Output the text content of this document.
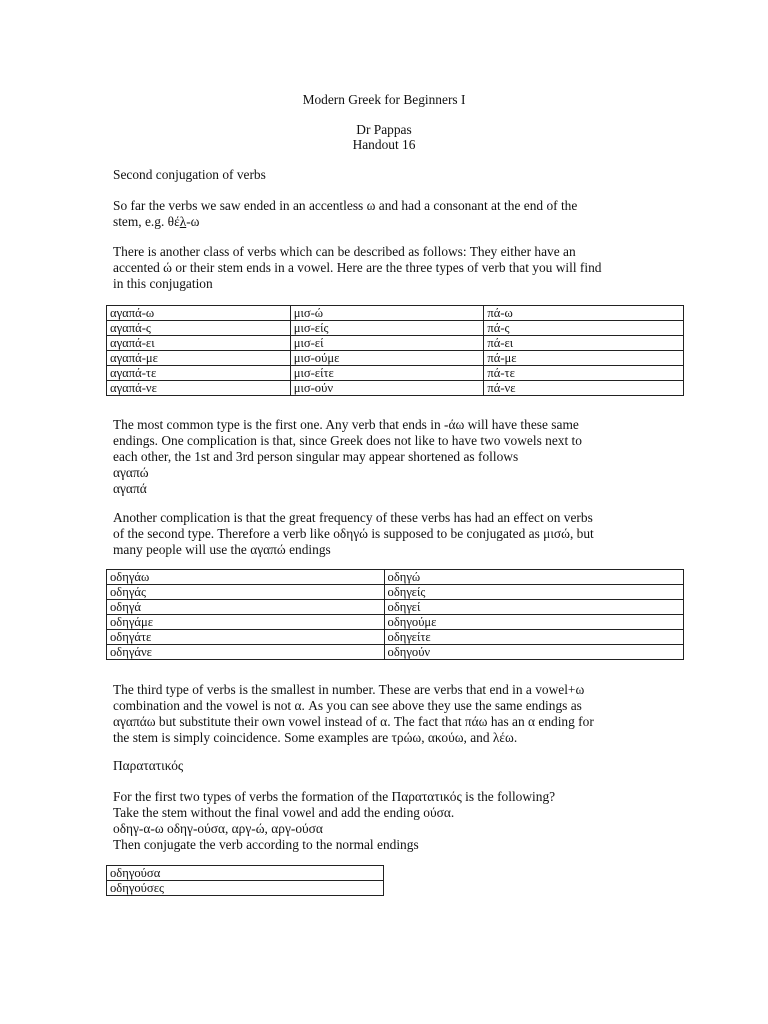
Modern Greek for Beginners I
Dr Pappas
Handout 16
Second conjugation of verbs
So far the verbs we saw ended in an accentless ω and had a consonant at the end of the
stem, e.g. θέλ-ω
There is another class of verbs which can be described as follows: They either have an
accented ώ or their stem ends in a vowel. Here are the three types of verb that you will find
in this conjugation
αγαπά-ω	μισ-ώ	πά-ω
αγαπά-ς	μισ-είς	πά-ς
αγαπά-ει	μισ-εί	πά-ει
αγαπά-με	μισ-ούμε	πά-με
αγαπά-τε	μισ-είτε	πά-τε
αγαπά-νε	μισ-ούν	πά-νε
The most common type is the first one. Any verb that ends in -άω will have these same
endings. One complication is that, since Greek does not like to have two vowels next to
each other, the 1st and 3rd person singular may appear shortened as follows
αγαπώ
αγαπά
Another complication is that the great frequency of these verbs has had an effect on verbs
of the second type. Therefore a verb like οδηγώ is supposed to be conjugated as μισώ, but
many people will use the αγαπώ endings
οδηγάω	οδηγώ
οδηγάς	οδηγείς
οδηγά	οδηγεί
οδηγάμε	οδηγούμε
οδηγάτε	οδηγείτε
οδηγάνε	οδηγούν
The third type of verbs is the smallest in number. These are verbs that end in a vowel+ω
combination and the vowel is not α. As you can see above they use the same endings as
αγαπάω but substitute their own vowel instead of α. The fact that πάω has an α ending for
the stem is simply coincidence. Some examples are τρώω, ακούω, and λέω.
Παρατατικός
For the first two types of verbs the formation of the Παρατατικός is the following?
Take the stem without the final vowel and add the ending ούσα.
οδηγ-α-ω οδηγ-ούσα, αργ-ώ, αργ-ούσα
Then conjugate the verb according to the normal endings
οδηγούσα
οδηγούσες
